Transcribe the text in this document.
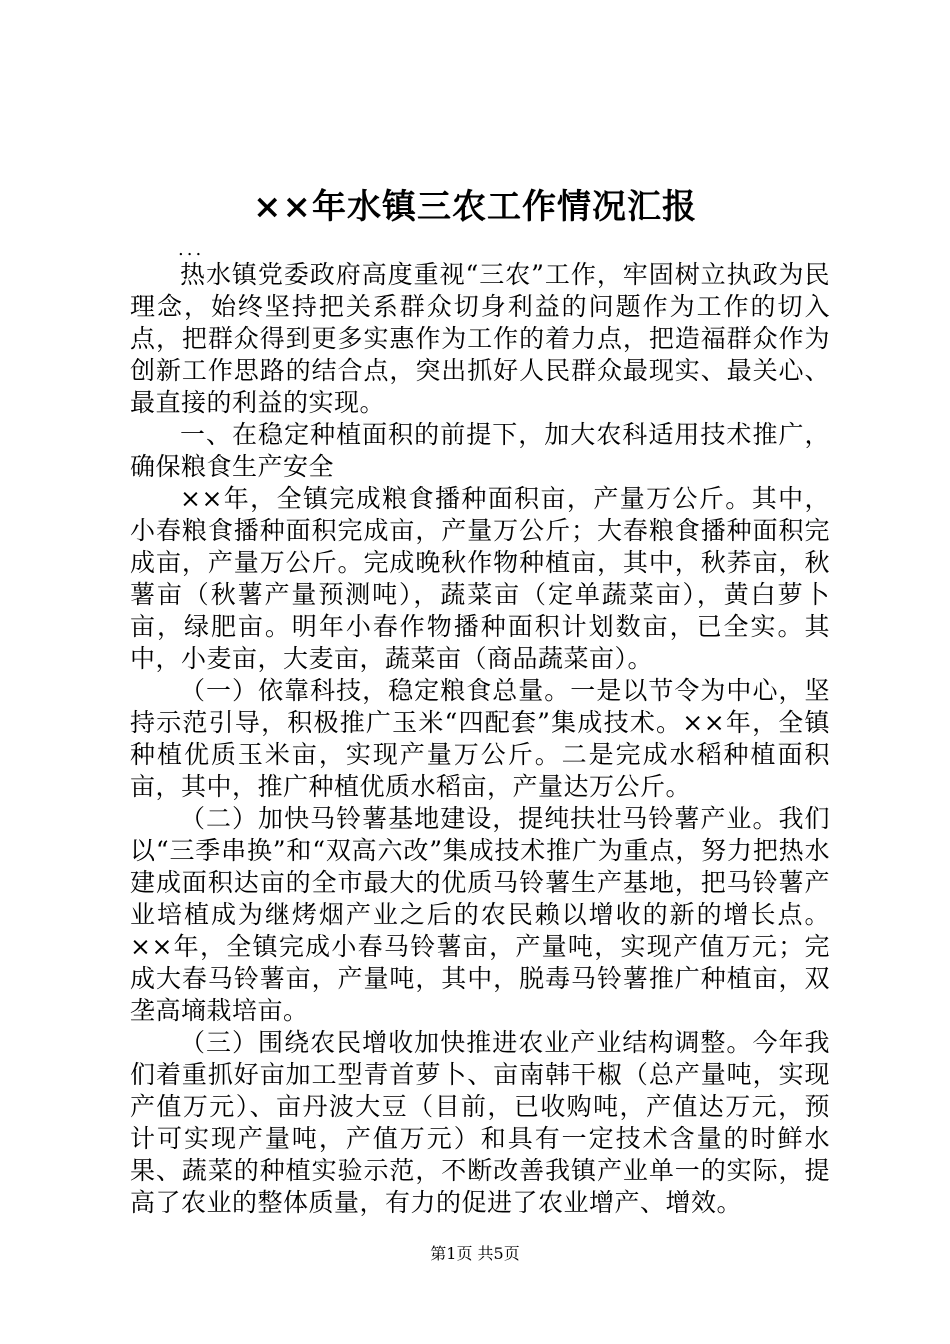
××年水镇三农工作情况汇报

...

热水镇党委政府高度重视“三农”工作，牢固树立执政为民理念，始终坚持把关系群众切身利益的问题作为工作的切入点，把群众得到更多实惠作为工作的着力点，把造福群众作为创新工作思路的结合点，突出抓好人民群众最现实、最关心、最直接的利益的实现。

一、在稳定种植面积的前提下，加大农科适用技术推广，确保粮食生产安全

××年，全镇完成粮食播种面积亩，产量万公斤。其中，小春粮食播种面积完成亩，产量万公斤；大春粮食播种面积完成亩，产量万公斤。完成晚秋作物种植亩，其中，秋荞亩，秋薯亩（秋薯产量预测吨），蔬菜亩（定单蔬菜亩），黄白萝卜亩，绿肥亩。明年小春作物播种面积计划数亩，已全实。其中，小麦亩，大麦亩，蔬菜亩（商品蔬菜亩）。

（一）依靠科技，稳定粮食总量。一是以节令为中心，坚持示范引导，积极推广玉米“四配套”集成技术。××年，全镇种植优质玉米亩，实现产量万公斤。二是完成水稻种植面积亩，其中，推广种植优质水稻亩，产量达万公斤。

（二）加快马铃薯基地建设，提纯扶壮马铃薯产业。我们以“三季串换”和“双高六改”集成技术推广为重点，努力把热水建成面积达亩的全市最大的优质马铃薯生产基地，把马铃薯产业培植成为继烤烟产业之后的农民赖以增收的新的增长点。××年，全镇完成小春马铃薯亩，产量吨，实现产值万元；完成大春马铃薯亩，产量吨，其中，脱毒马铃薯推广种植亩，双垄高墒栽培亩。

（三）围绕农民增收加快推进农业产业结构调整。今年我们着重抓好亩加工型青首萝卜、亩南韩干椒（总产量吨，实现产值万元）、亩丹波大豆（目前，已收购吨，产值达万元，预计可实现产量吨，产值万元）和具有一定技术含量的时鲜水果、蔬菜的种植实验示范，不断改善我镇产业单一的实际，提高了农业的整体质量，有力的促进了农业增产、增效。

第1页 共5页
